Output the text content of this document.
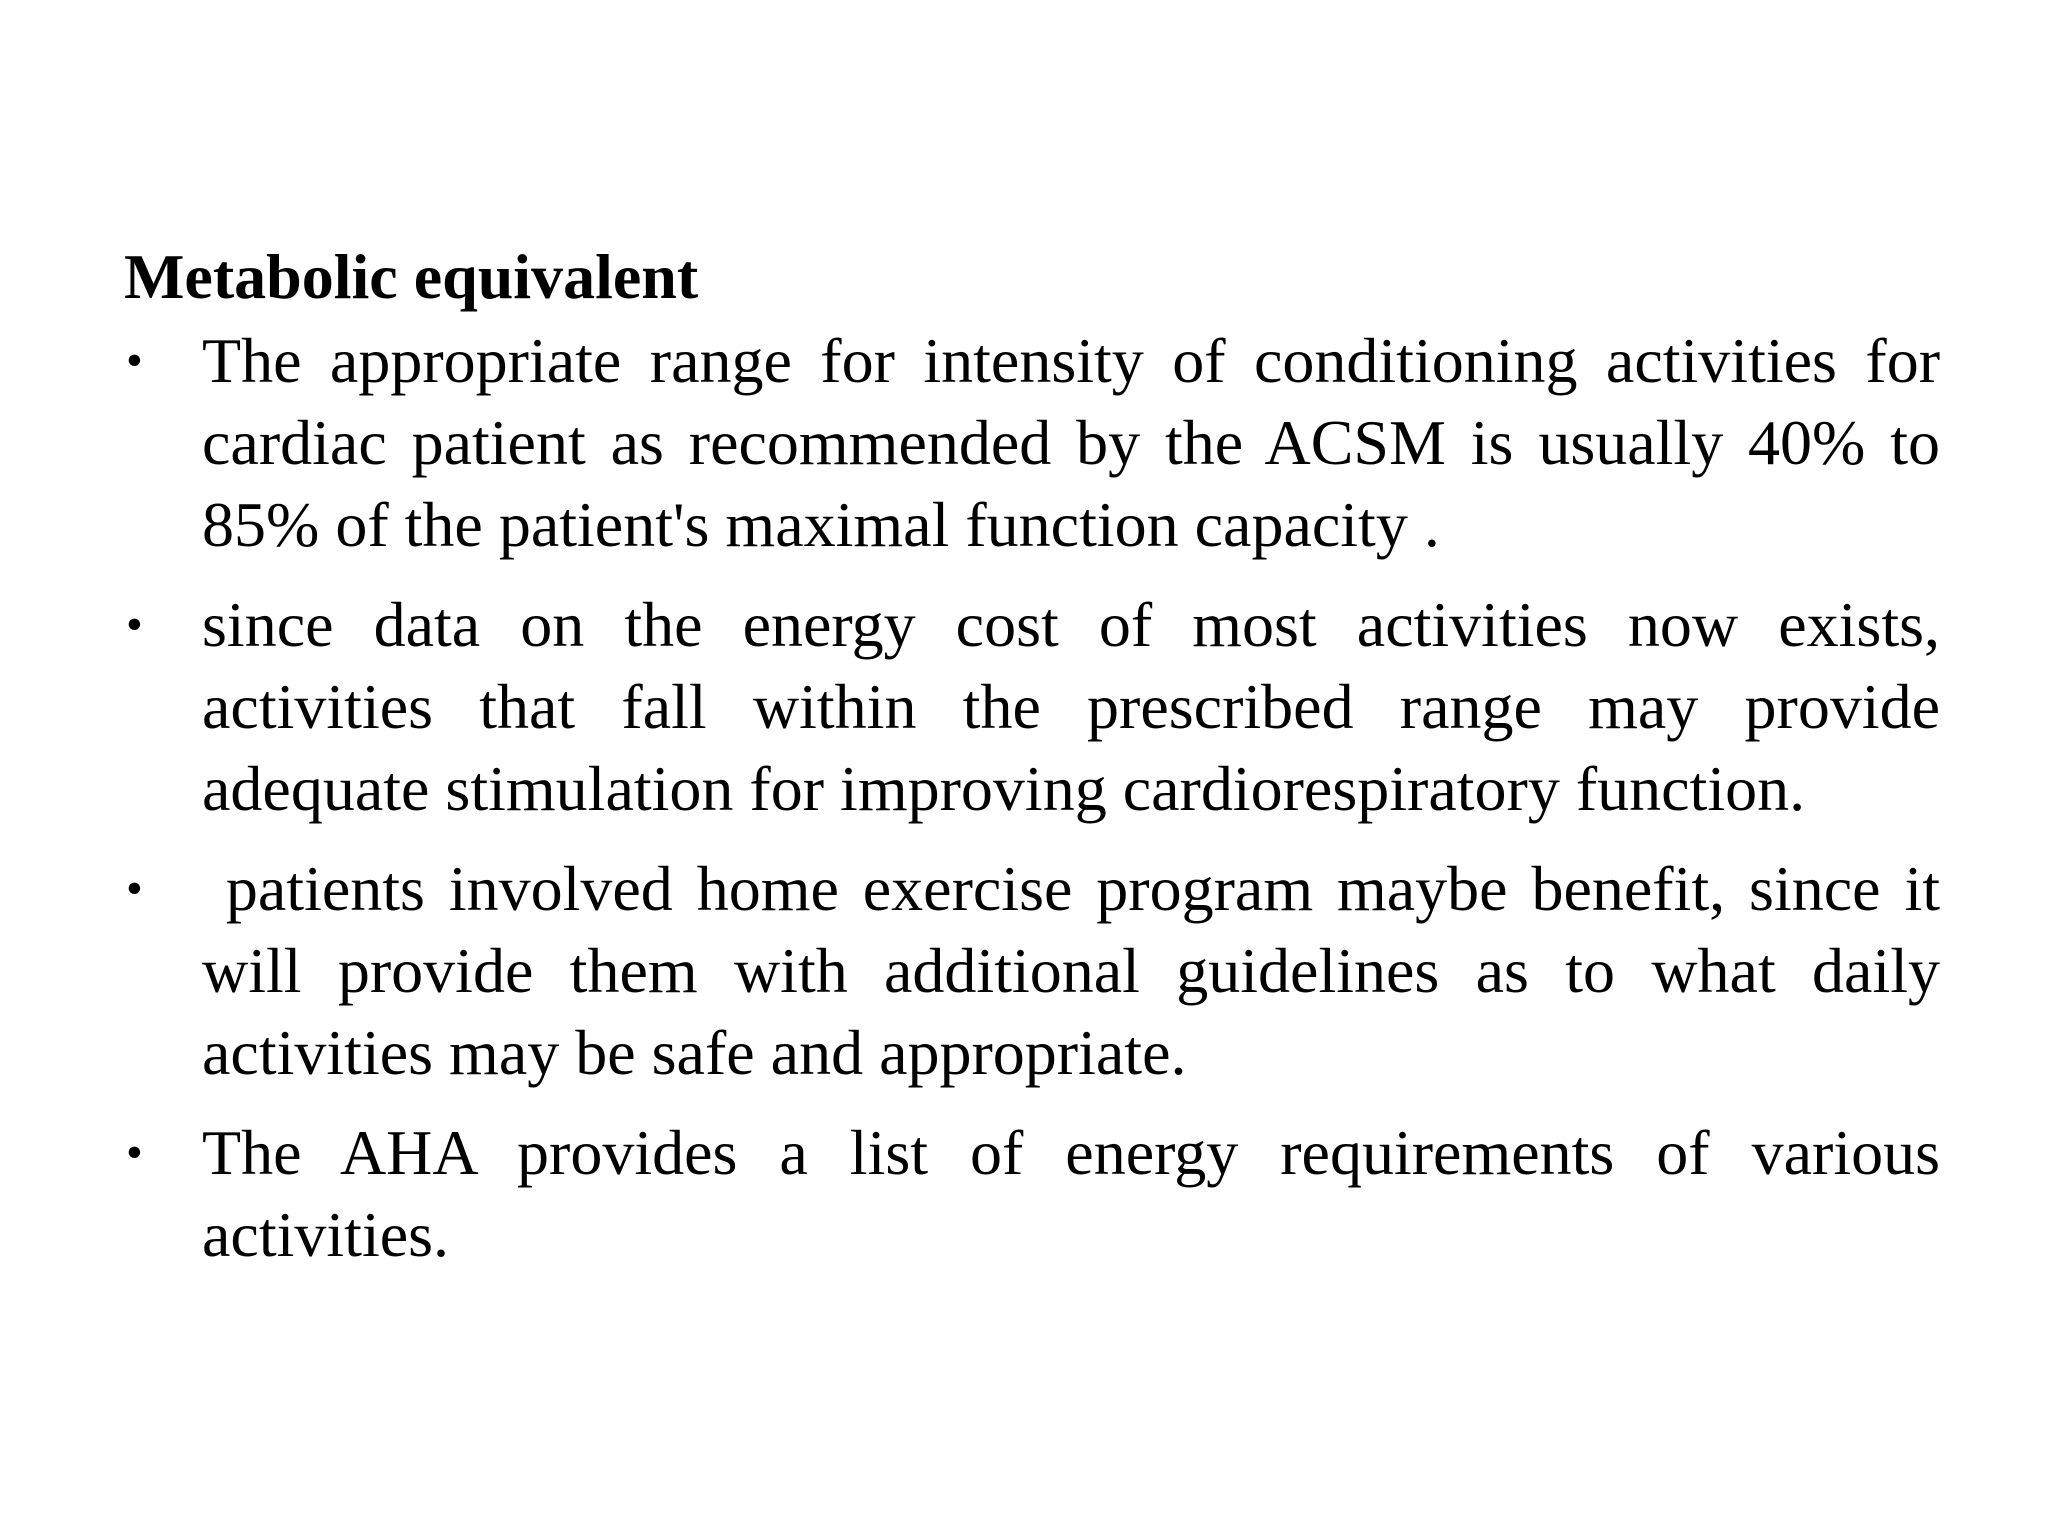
Metabolic equivalent
• The appropriate range for intensity of conditioning activities for cardiac patient as recommended by the ACSM is usually 40% to 85% of the patient's maximal function capacity .
• since data on the energy cost of most activities now exists, activities that fall within the prescribed range may provide adequate stimulation for improving cardiorespiratory function.
• patients involved home exercise program maybe benefit, since it will provide them with additional guidelines as to what daily activities may be safe and appropriate.
• The AHA provides a list of energy requirements of various activities.
